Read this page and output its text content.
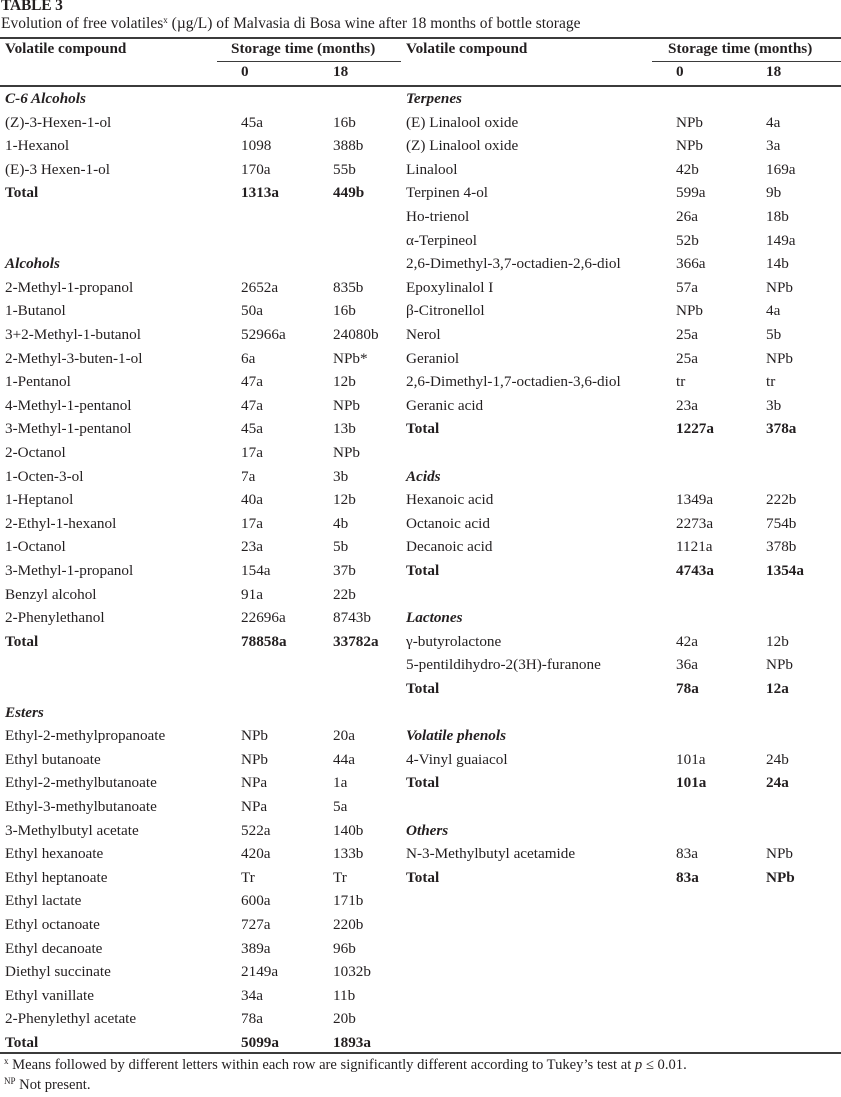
TABLE 3
Evolution of free volatiles$^x$ (µg/L) of Malvasia di Bosa wine after 18 months of bottle storage
Volatile compound	Storage time (months)
0	18
Volatile compound	Storage time (months)
0	18
C-6 Alcohols
(Z)-3-Hexen-1-ol	45a	16b
1-Hexanol	1098	388b
(E)-3 Hexen-1-ol	170a	55b
Total	1313a	449b
Alcohols
2-Methyl-1-propanol	2652a	835b
1-Butanol	50a	16b
3+2-Methyl-1-butanol	52966a	24080b
2-Methyl-3-buten-1-ol	6a	NPb*
1-Pentanol	47a	12b
4-Methyl-1-pentanol	47a	NPb
3-Methyl-1-pentanol	45a	13b
2-Octanol	17a	NPb
1-Octen-3-ol	7a	3b
1-Heptanol	40a	12b
2-Ethyl-1-hexanol	17a	4b
1-Octanol	23a	5b
3-Methyl-1-propanol	154a	37b
Benzyl alcohol	91a	22b
2-Phenylethanol	22696a	8743b
Total	78858a	33782a
Esters
Ethyl-2-methylpropanoate	NPb	20a
Ethyl butanoate	NPb	44a
Ethyl-2-methylbutanoate	NPa	1a
Ethyl-3-methylbutanoate	NPa	5a
3-Methylbutyl acetate	522a	140b
Ethyl hexanoate	420a	133b
Ethyl heptanoate	Tr	Tr
Ethyl lactate	600a	171b
Ethyl octanoate	727a	220b
Ethyl decanoate	389a	96b
Diethyl succinate	2149a	1032b
Ethyl vanillate	34a	11b
2-Phenylethyl acetate	78a	20b
Total	5099a	1893a
Terpenes
(E) Linalool oxide	NPb	4a
(Z) Linalool oxide	NPb	3a
Linalool	42b	169a
Terpinen 4-ol	599a	9b
Ho-trienol	26a	18b
α-Terpineol	52b	149a
2,6-Dimethyl-3,7-octadien-2,6-diol	366a	14b
Epoxylinalol I	57a	NPb
β-Citronellol	NPb	4a
Nerol	25a	5b
Geraniol	25a	NPb
2,6-Dimethyl-1,7-octadien-3,6-diol	tr	tr
Geranic acid	23a	3b
Total	1227a	378a
Acids
Hexanoic acid	1349a	222b
Octanoic acid	2273a	754b
Decanoic acid	1121a	378b
Total	4743a	1354a
Lactones
γ-butyrolactone	42a	12b
5-pentildihydro-2(3H)-furanone	36a	NPb
Total	78a	12a
Volatile phenols
4-Vinyl guaiacol	101a	24b
Total	101a	24a
Others
N-3-Methylbutyl acetamide	83a	NPb
Total	83a	NPb
$^x$ Means followed by different letters within each row are significantly different according to Tukey’s test at p ≤ 0.01.
$^{NP}$ Not present.
